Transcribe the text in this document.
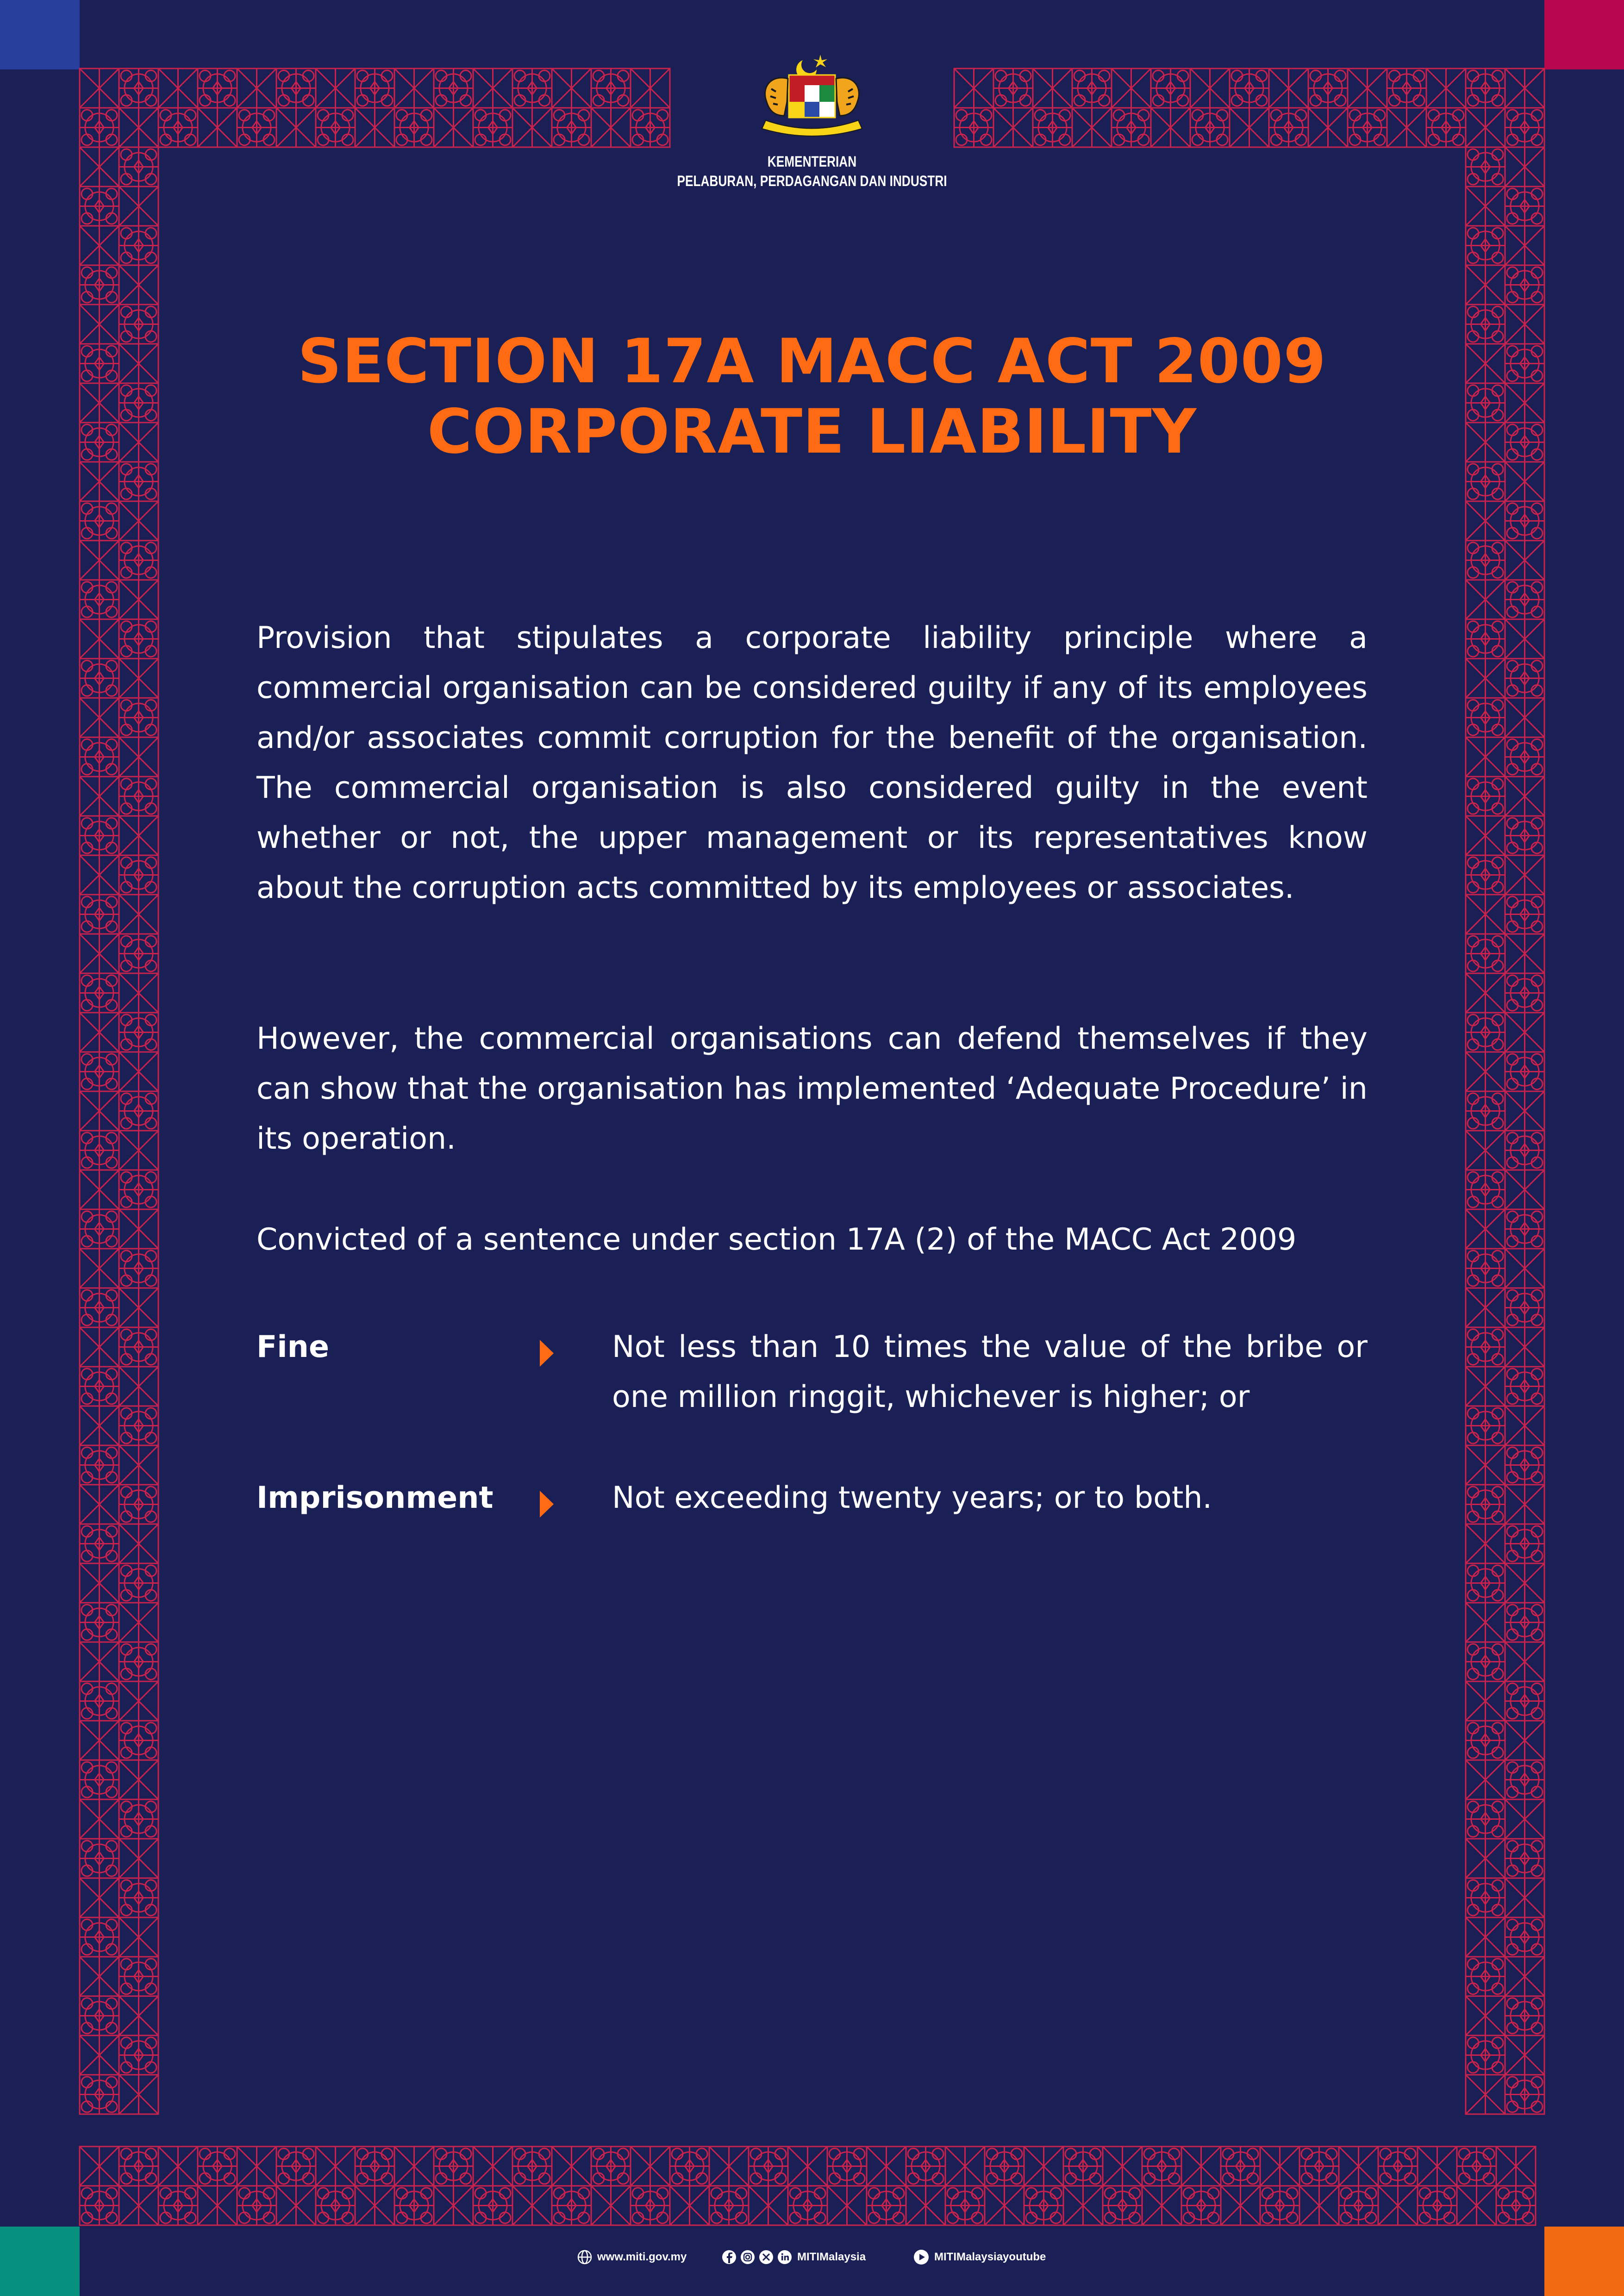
KEMENTERIAN
PELABURAN, PERDAGANGAN DAN INDUSTRI
SECTION 17A MACC ACT 2009
CORPORATE LIABILITY

Provision that stipulates a corporate liability principle where a commercial organisation can be considered guilty if any of its employees and/or associates commit corruption for the benefit of the organisation. The commercial organisation is also considered guilty in the event whether or not, the upper management or its representatives know about the corruption acts committed by its employees or associates.

However, the commercial organisations can defend themselves if they can show that the organisation has implemented ‘Adequate Procedure’ in its operation.

Convicted of a sentence under section 17A (2) of the MACC Act 2009

Fine	Not less than 10 times the value of the bribe or one million ringgit, whichever is higher; or
Imprisonment	Not exceeding twenty years; or to both.
www.miti.gov.my	MITIMalaysia	MITIMalaysiayoutube
